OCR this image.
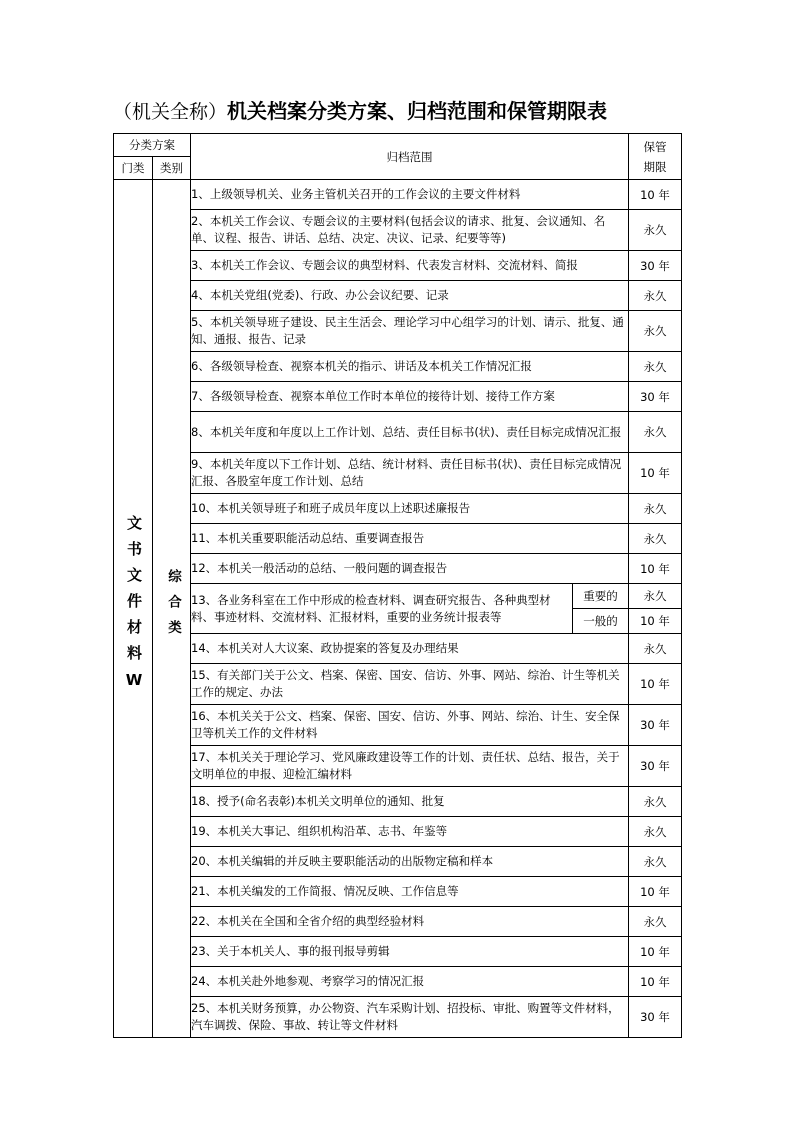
（机关全称）机关档案分类方案、归档范围和保管期限表
分类方案		归档范围		保管
期限

门类	类别			
文书文件材料W	综合类	1、上级领导机关、业务主管机关召开的工作会议的主要文件材料		10 年
		2、本机关工作会议、专题会议的主要材料(包括会议的请求、批复、会议通知、名单、议程、报告、讲话、总结、决定、决议、记录、纪要等等)		永久
		3、本机关工作会议、专题会议的典型材料、代表发言材料、交流材料、简报		30 年
		4、本机关党组(党委)、行政、办公会议纪要、记录		永久
		5、本机关领导班子建设、民主生活会、理论学习中心组学习的计划、请示、批复、通知、通报、报告、记录		永久
		6、各级领导检查、视察本机关的指示、讲话及本机关工作情况汇报		永久
		7、各级领导检查、视察本单位工作时本单位的接待计划、接待工作方案		30 年
		8、本机关年度和年度以上工作计划、总结、责任目标书(状)、责任目标完成情况汇报		永久
		9、本机关年度以下工作计划、总结、统计材料、责任目标书(状)、责任目标完成情况汇报、各股室年度工作计划、总结		10 年
		10、本机关领导班子和班子成员年度以上述职述廉报告		永久
		11、本机关重要职能活动总结、重要调查报告		永久
		12、本机关一般活动的总结、一般问题的调查报告		10 年
		13、各业务科室在工作中形成的检查材料、调查研究报告、各种典型材料、事迹材料、交流材料、汇报材料，重要的业务统计报表等	重要的	永久
			一般的	10 年
		14、本机关对人大议案、政协提案的答复及办理结果		永久
		15、有关部门关于公文、档案、保密、国安、信访、外事、网站、综治、计生等机关工作的规定、办法		10 年
		16、本机关关于公文、档案、保密、国安、信访、外事、网站、综治、计生、安全保卫等机关工作的文件材料		30 年
		17、本机关关于理论学习、党风廉政建设等工作的计划、责任状、总结、报告，关于文明单位的申报、迎检汇编材料		30 年
		18、授予(命名表彰)本机关文明单位的通知、批复		永久
		19、本机关大事记、组织机构沿革、志书、年鉴等		永久
		20、本机关编辑的并反映主要职能活动的出版物定稿和样本		永久
		21、本机关编发的工作简报、情况反映、工作信息等		10 年
		22、本机关在全国和全省介绍的典型经验材料		永久
		23、关于本机关人、事的报刊报导剪辑		10 年
		24、本机关赴外地参观、考察学习的情况汇报		10 年
		25、本机关财务预算，办公物资、汽车采购计划、招投标、审批、购置等文件材料，汽车调拨、保险、事故、转让等文件材料		30 年
